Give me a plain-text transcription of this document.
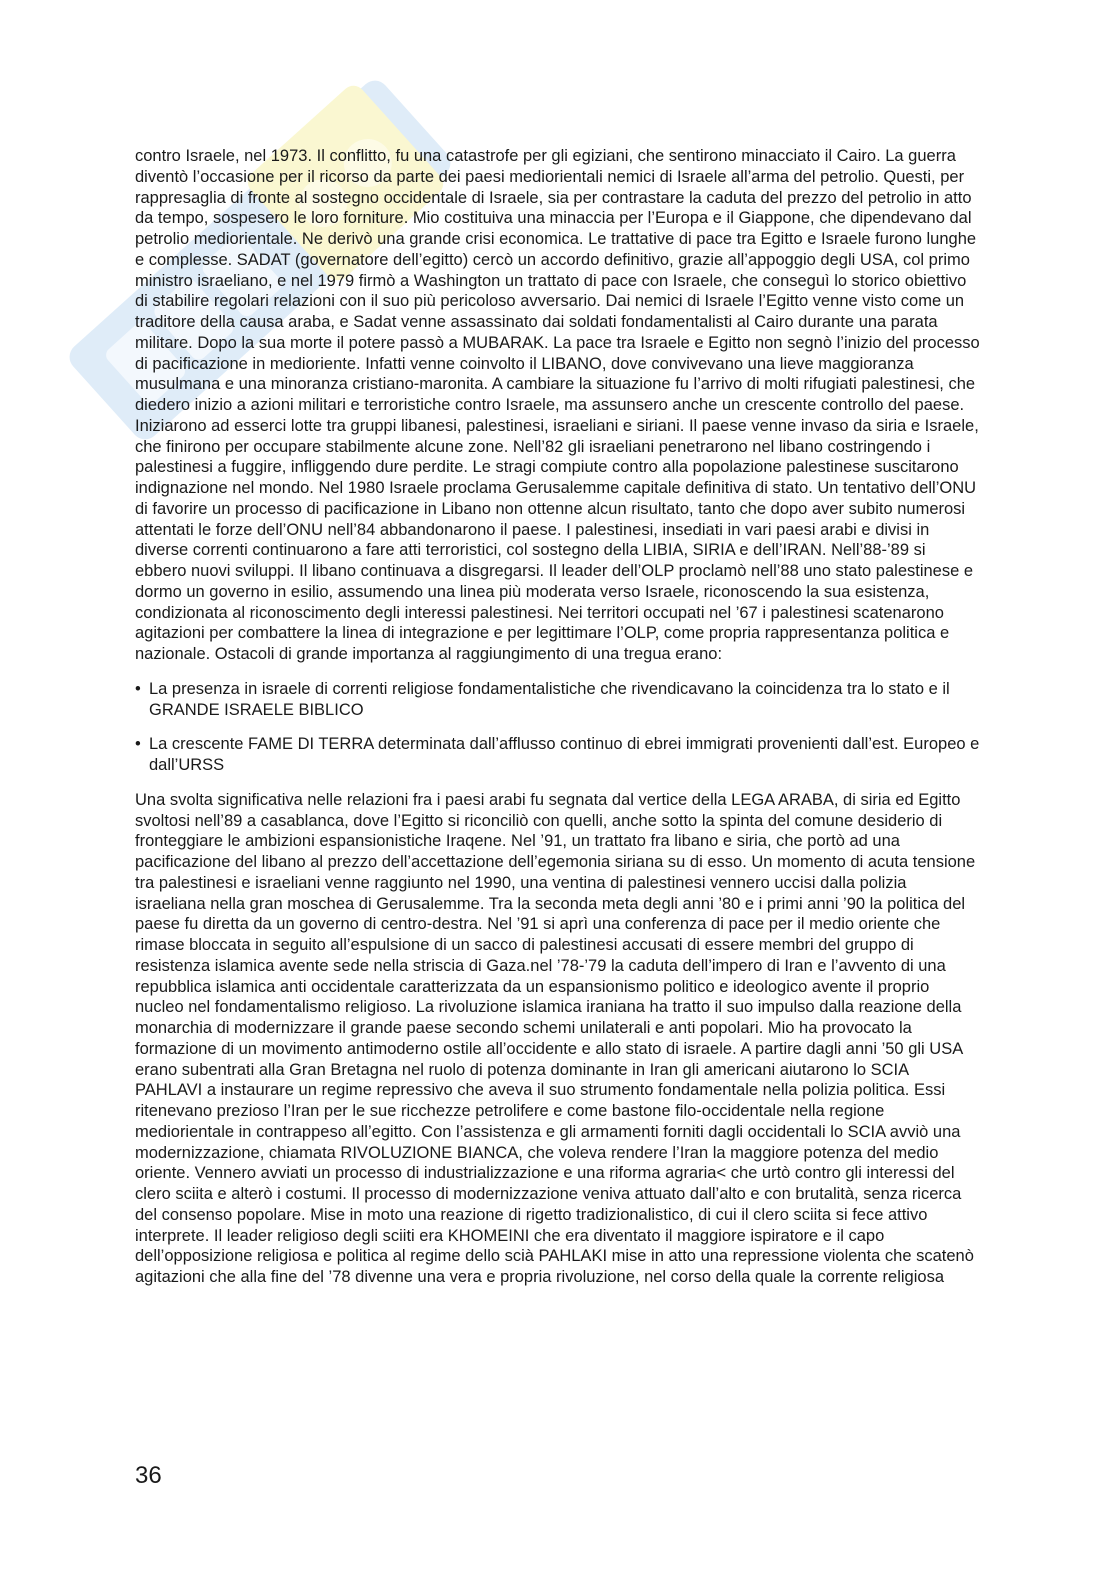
contro Israele, nel 1973. Il conflitto, fu una catastrofe per gli egiziani, che sentirono minacciato il Cairo. La guerra diventò l’occasione per il ricorso da parte dei paesi mediorientali nemici di Israele all’arma del petrolio. Questi, per rappresaglia di fronte al sostegno occidentale di Israele, sia per contrastare la caduta del prezzo del petrolio in atto da tempo, sospesero le loro forniture. Mio costituiva una minaccia per l’Europa e il Giappone, che dipendevano dal petrolio mediorientale. Ne derivò una grande crisi economica. Le trattative di pace tra Egitto e Israele furono lunghe e complesse. SADAT (governatore dell’egitto) cercò un accordo definitivo, grazie all’appoggio degli USA, col primo ministro israeliano, e nel 1979 firmò a Washington un trattato di pace con Israele, che conseguì lo storico obiettivo di stabilire regolari relazioni con il suo più pericoloso avversario. Dai nemici di Israele l’Egitto venne visto come un traditore della causa araba, e Sadat venne assassinato dai soldati fondamentalisti al Cairo durante una parata militare. Dopo la sua morte il potere passò a MUBARAK. La pace tra Israele e Egitto non segnò l’inizio del processo di pacificazione in medioriente. Infatti venne coinvolto il LIBANO, dove convivevano una lieve maggioranza musulmana e una minoranza cristiano-maronita. A cambiare la situazione fu l’arrivo di molti rifugiati palestinesi, che diedero inizio a azioni militari e terroristiche contro Israele, ma assunsero anche un crescente controllo del paese. Iniziarono ad esserci lotte tra gruppi libanesi, palestinesi, israeliani e siriani. Il paese venne invaso da siria e Israele, che finirono per occupare stabilmente alcune zone. Nell’82 gli israeliani penetrarono nel libano costringendo i palestinesi a fuggire, infliggendo dure perdite. Le stragi compiute contro alla popolazione palestinese suscitarono indignazione nel mondo. Nel 1980 Israele proclama Gerusalemme capitale definitiva di stato. Un tentativo dell’ONU di favorire un processo di pacificazione in Libano non ottenne alcun risultato, tanto che dopo aver subito numerosi attentati le forze dell’ONU nell’84 abbandonarono il paese. I palestinesi, insediati in vari paesi arabi e divisi in diverse correnti continuarono a fare atti terroristici, col sostegno della LIBIA, SIRIA e dell’IRAN. Nell’88-’89 si ebbero nuovi sviluppi. Il libano continuava a disgregarsi. Il leader dell’OLP proclamò nell’88 uno stato palestinese e dormo un governo in esilio, assumendo una linea più moderata verso Israele, riconoscendo la sua esistenza, condizionata al riconoscimento degli interessi palestinesi. Nei territori occupati nel ’67 i palestinesi scatenarono agitazioni per combattere la linea di integrazione e per legittimare l’OLP, come propria rappresentanza politica e nazionale. Ostacoli di grande importanza al raggiungimento di una tregua erano:

• La presenza in israele di correnti religiose fondamentalistiche che rivendicavano la coincidenza tra lo stato e il GRANDE ISRAELE BIBLICO
• La crescente FAME DI TERRA determinata dall’afflusso continuo di ebrei immigrati provenienti dall’est. Europeo e dall’URSS

Una svolta significativa nelle relazioni fra i paesi arabi fu segnata dal vertice della LEGA ARABA, di siria ed Egitto svoltosi nell’89 a casablanca, dove l’Egitto si riconciliò con quelli, anche sotto la spinta del comune desiderio di fronteggiare le ambizioni espansionistiche Iraqene. Nel ’91, un trattato fra libano e siria, che portò ad una pacificazione del libano al prezzo dell’accettazione dell’egemonia siriana su di esso. Un momento di acuta tensione tra palestinesi e israeliani venne raggiunto nel 1990, una ventina di palestinesi vennero uccisi dalla polizia israeliana nella gran moschea di Gerusalemme. Tra la seconda meta degli anni ’80 e i primi anni ’90 la politica del paese fu diretta da un governo di centro-destra. Nel ’91 si aprì una conferenza di pace per il medio oriente che rimase bloccata in seguito all’espulsione di un sacco di palestinesi accusati di essere membri del gruppo di resistenza islamica avente sede nella striscia di Gaza.nel ’78-’79 la caduta dell’impero di Iran e l’avvento di una repubblica islamica anti occidentale caratterizzata da un espansionismo politico e ideologico avente il proprio nucleo nel fondamentalismo religioso. La rivoluzione islamica iraniana ha tratto il suo impulso dalla reazione della monarchia di modernizzare il grande paese secondo schemi unilaterali e anti popolari. Mio ha provocato la formazione di un movimento antimoderno ostile all’occidente e allo stato di israele. A partire dagli anni ’50 gli USA erano subentrati alla Gran Bretagna nel ruolo di potenza dominante in Iran gli americani aiutarono lo SCIA PAHLAVI a instaurare un regime repressivo che aveva il suo strumento fondamentale nella polizia politica. Essi ritenevano prezioso l’Iran per le sue ricchezze petrolifere e come bastone filo-occidentale nella regione mediorientale in contrappeso all’egitto. Con l’assistenza e gli armamenti forniti dagli occidentali lo SCIA avviò una modernizzazione, chiamata RIVOLUZIONE BIANCA, che voleva rendere l’Iran la maggiore potenza del medio oriente. Vennero avviati un processo di industrializzazione e una riforma agraria< che urtò contro gli interessi del clero sciita e alterò i costumi. Il processo di modernizzazione veniva attuato dall’alto e con brutalità, senza ricerca del consenso popolare. Mise in moto una reazione di rigetto tradizionalistico, di cui il clero sciita si fece attivo interprete. Il leader religioso degli sciiti era KHOMEINI che era diventato il maggiore ispiratore e il capo dell’opposizione religiosa e politica al regime dello scià PAHLAKI mise in atto una repressione violenta che scatenò agitazioni che alla fine del ’78 divenne una vera e propria rivoluzione, nel corso della quale la corrente religiosa

36
